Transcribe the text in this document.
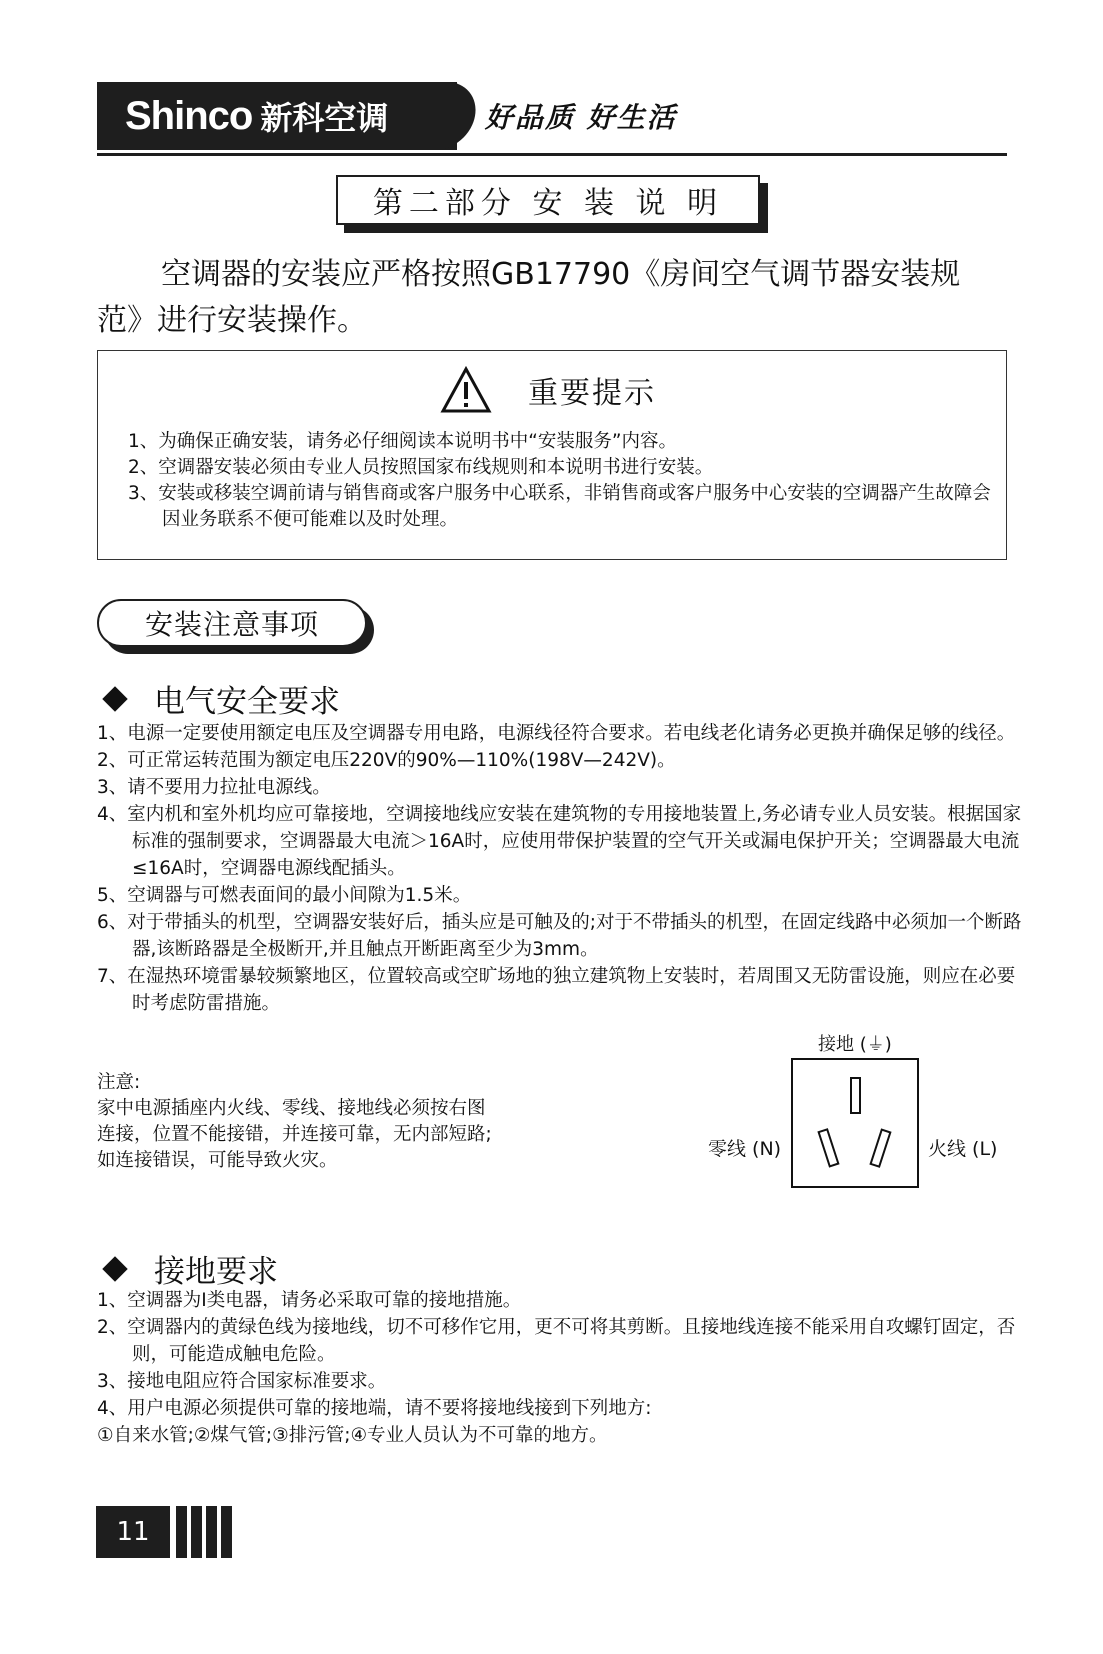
Shinco 新科空调	好品质 好生活
第二部分 安 装 说 明
空调器的安装应严格按照GB17790《房间空气调节器安装规范》进行安装操作。
重要提示
1、为确保正确安装，请务必仔细阅读本说明书中“安装服务”内容。
2、空调器安装必须由专业人员按照国家布线规则和本说明书进行安装。
3、安装或移装空调前请与销售商或客户服务中心联系，非销售商或客户服务中心安装的空调器产生故障会因业务联系不便可能难以及时处理。
安装注意事项
电气安全要求
1、电源一定要使用额定电压及空调器专用电路，电源线径符合要求。若电线老化请务必更换并确保足够的线径。
2、可正常运转范围为额定电压220V的90%—110%(198V—242V)。
3、请不要用力拉扯电源线。
4、室内机和室外机均应可靠接地，空调接地线应安装在建筑物的专用接地装置上,务必请专业人员安装。根据国家标准的强制要求，空调器最大电流＞16A时，应使用带保护装置的空气开关或漏电保护开关；空调器最大电流≤16A时，空调器电源线配插头。
5、空调器与可燃表面间的最小间隙为1.5米。
6、对于带插头的机型，空调器安装好后，插头应是可触及的;对于不带插头的机型，在固定线路中必须加一个断路器,该断路器是全极断开,并且触点开断距离至少为3mm。
7、在湿热环境雷暴较频繁地区，位置较高或空旷场地的独立建筑物上安装时，若周围又无防雷设施，则应在必要时考虑防雷措施。
注意:
家中电源插座内火线、零线、接地线必须按右图
连接，位置不能接错，并连接可靠，无内部短路;
如连接错误，可能导致火灾。
接地 (⏚)
零线 (N)	火线 (L)
接地要求
1、空调器为I类电器，请务必采取可靠的接地措施。
2、空调器内的黄绿色线为接地线，切不可移作它用，更不可将其剪断。且接地线连接不能采用自攻螺钉固定，否则，可能造成触电危险。
3、接地电阻应符合国家标准要求。
4、用户电源必须提供可靠的接地端，请不要将接地线接到下列地方:
①自来水管;②煤气管;③排污管;④专业人员认为不可靠的地方。
11
